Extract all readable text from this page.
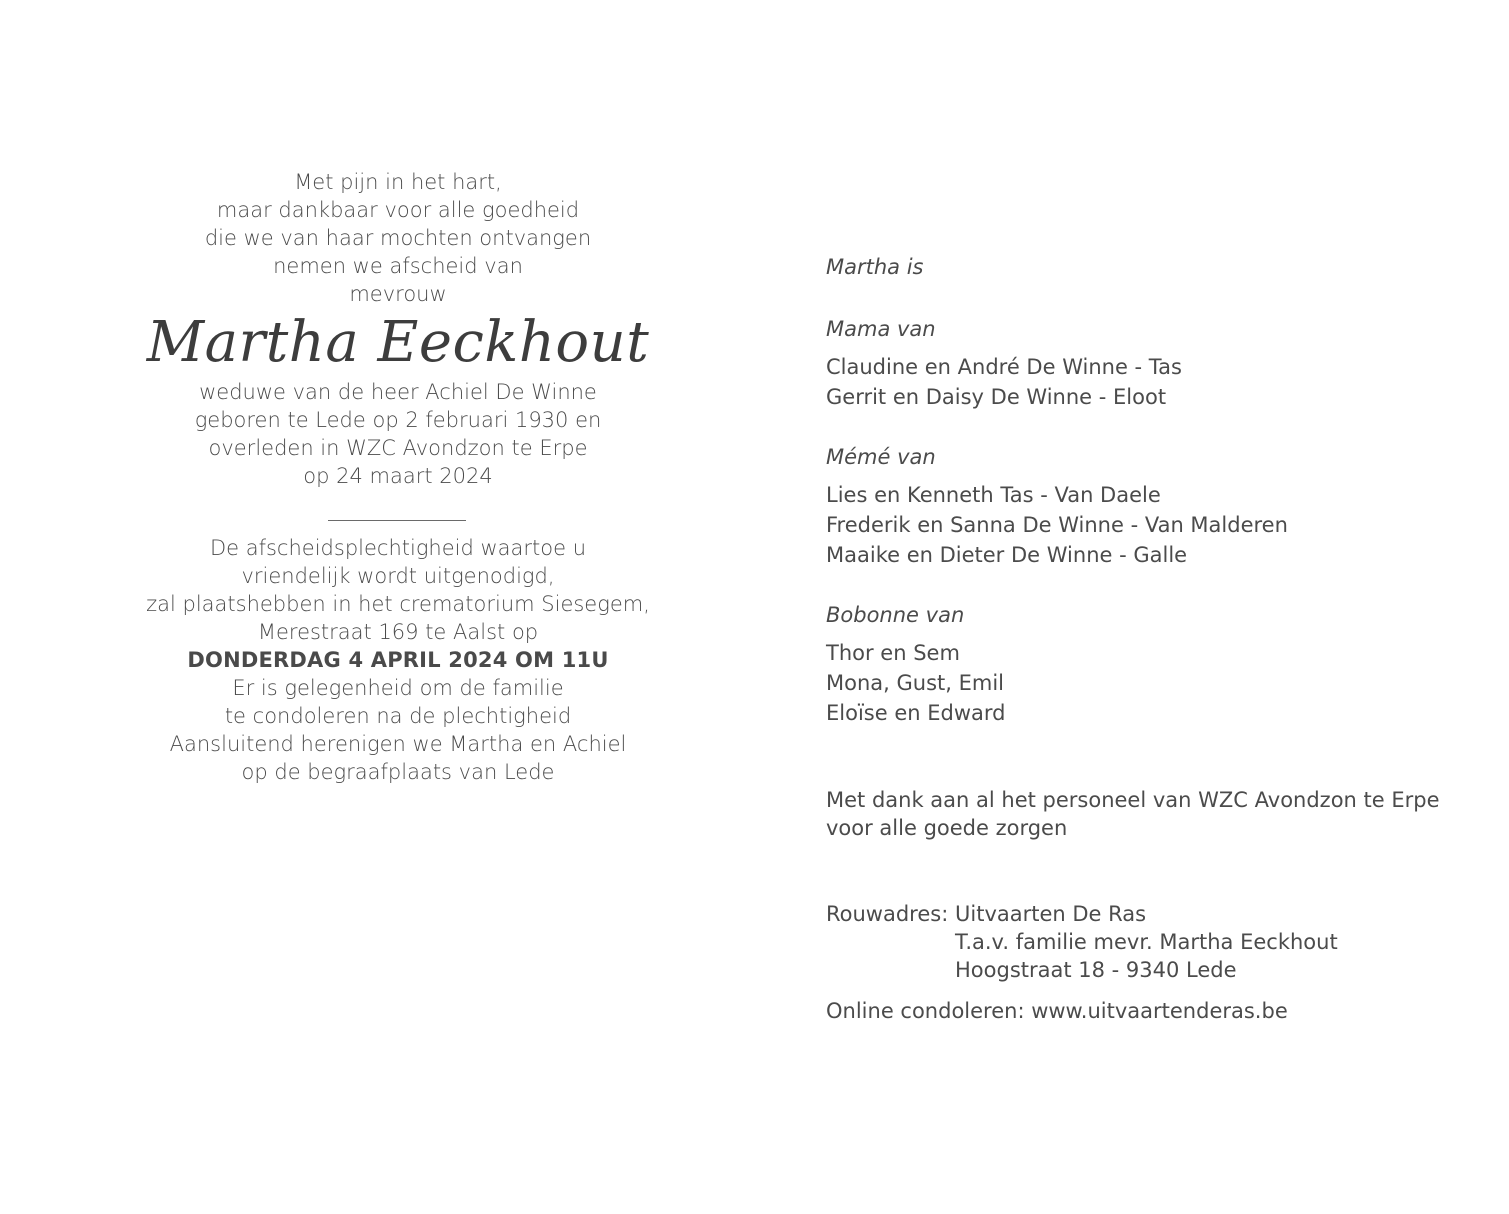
Met pijn in het hart,
maar dankbaar voor alle goedheid
die we van haar mochten ontvangen
nemen we afscheid van
mevrouw
Martha Eeckhout
weduwe van de heer Achiel De Winne
geboren te Lede op 2 februari 1930 en
overleden in WZC Avondzon te Erpe
op 24 maart 2024
De afscheidsplechtigheid waartoe u
vriendelijk wordt uitgenodigd,
zal plaatshebben in het crematorium Siesegem,
Merestraat 169 te Aalst op
DONDERDAG 4 APRIL 2024 OM 11U
Er is gelegenheid om de familie
te condoleren na de plechtigheid
Aansluitend herenigen we Martha en Achiel
op de begraafplaats van Lede
Martha is
Mama van
Claudine en André De Winne - Tas
Gerrit en Daisy De Winne - Eloot
Mémé van
Lies en Kenneth Tas - Van Daele
Frederik en Sanna De Winne - Van Malderen
Maaike en Dieter De Winne - Galle
Bobonne van
Thor en Sem
Mona, Gust, Emil
Eloïse en Edward
Met dank aan al het personeel van WZC Avondzon te Erpe
voor alle goede zorgen
Rouwadres: Uitvaarten De Ras
T.a.v. familie mevr. Martha Eeckhout
Hoogstraat 18 - 9340 Lede
Online condoleren: www.uitvaartenderas.be
